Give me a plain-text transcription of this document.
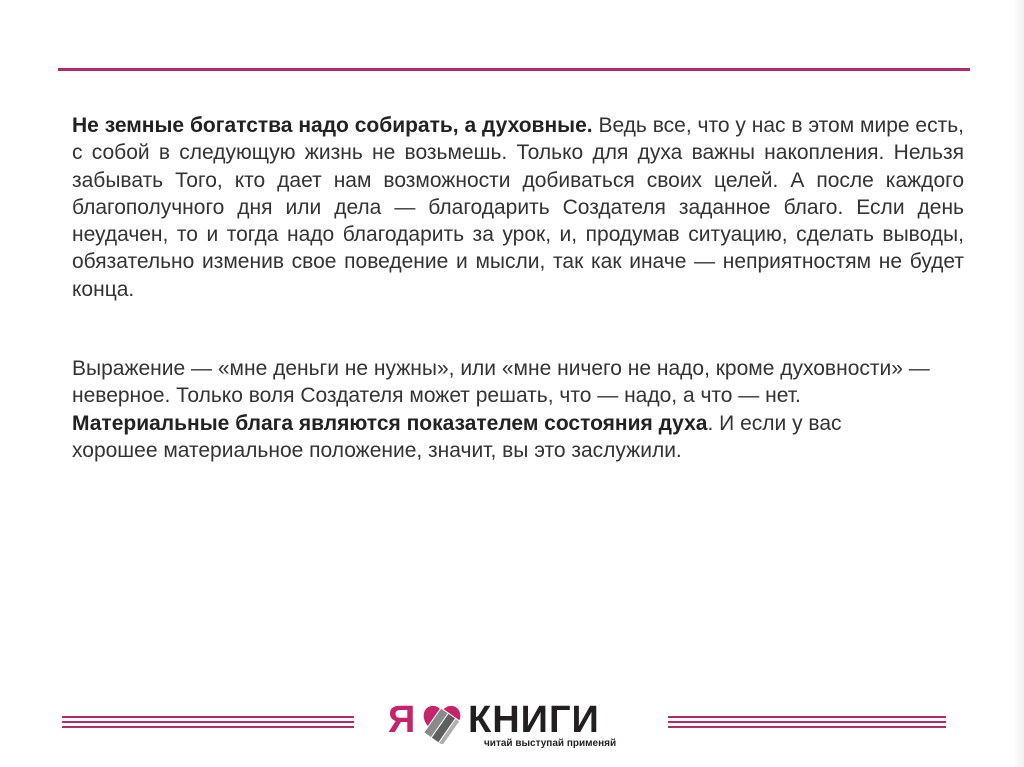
Не земные богатства надо собирать, а духовные. Ведь все, что у нас в этом мире есть, с собой в следующую жизнь не возьмешь. Только для духа важны накопления. Нельзя забывать Того, кто дает нам возможности добиваться своих целей. А после каждого благополучного дня или дела — благодарить Создателя заданное благо. Если день неудачен, то и тогда надо благодарить за урок, и, продумав ситуацию, сделать выводы, обязательно изменив свое поведение и мысли, так как иначе — неприятностям не будет конца.

Выражение — «мне деньги не нужны», или «мне ничего не надо, кроме духовности» — неверное. Только воля Создателя может решать, что — надо, а что — нет. Материальные блага являются показателем состояния духа. И если у вас хорошее материальное положение, значит, вы это заслужили.

Я КНИГИ
читай выступай применяй
